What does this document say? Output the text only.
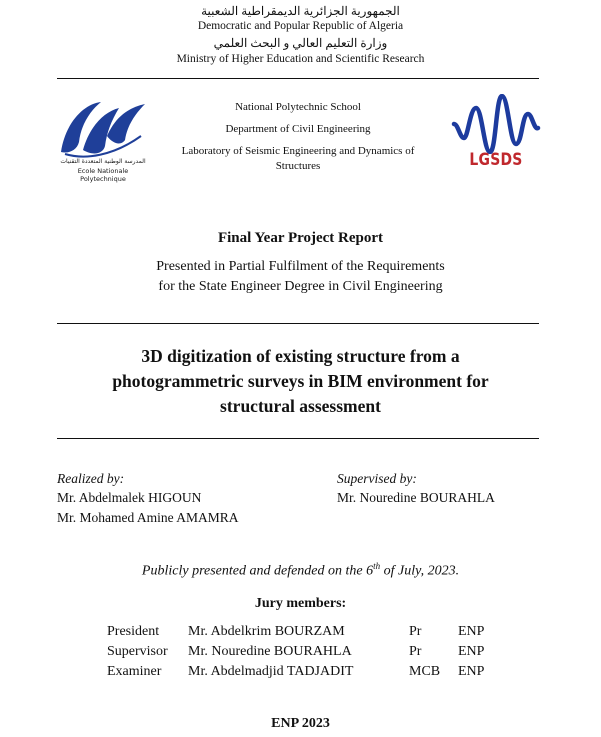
الجمهورية الجزائرية الديمقراطية الشعبية
Democratic and Popular Republic of Algeria
وزارة التعليم العالي و البحث العلمي
Ministry of Higher Education and Scientific Research
المدرسة الوطنية المتعددة التقنيات
Ecole Nationale Polytechnique
National Polytechnic School
Department of Civil Engineering
Laboratory of Seismic Engineering and Dynamics of Structures	LGSDS
Final Year Project Report
Presented in Partial Fulfilment of the Requirements
for the State Engineer Degree in Civil Engineering
3D digitization of existing structure from a
photogrammetric surveys in BIM environment for
structural assessment
Realized by:
Mr. Abdelmalek HIGOUN
Mr. Mohamed Amine AMAMRA
Supervised by:
Mr. Nouredine BOURAHLA
Publicly presented and defended on the 6th of July, 2023.
Jury members:
President Mr. Abdelkrim BOURZAM	Pr	ENP
Supervisor Mr. Nouredine BOURAHLA	Pr	ENP
Examiner Mr. Abdelmadjid TADJADIT	MCB ENP
ENP 2023
